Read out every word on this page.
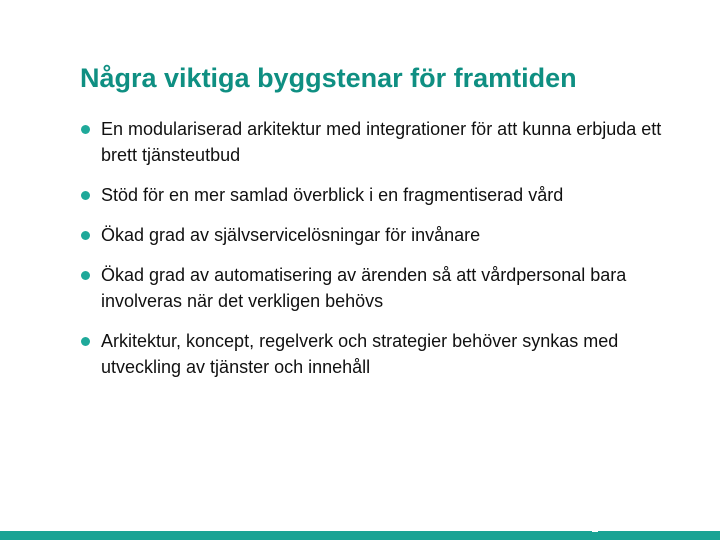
Några viktiga byggstenar för framtiden
En modulariserad arkitektur med integrationer för att kunna erbjuda ett brett tjänsteutbud
Stöd för en mer samlad överblick i en fragmentiserad vård
Ökad grad av självservicelösningar för invånare
Ökad grad av automatisering av ärenden så att vårdpersonal bara involveras när det verkligen behövs
Arkitektur, koncept, regelverk och strategier behöver synkas med utveckling av tjänster och innehåll
